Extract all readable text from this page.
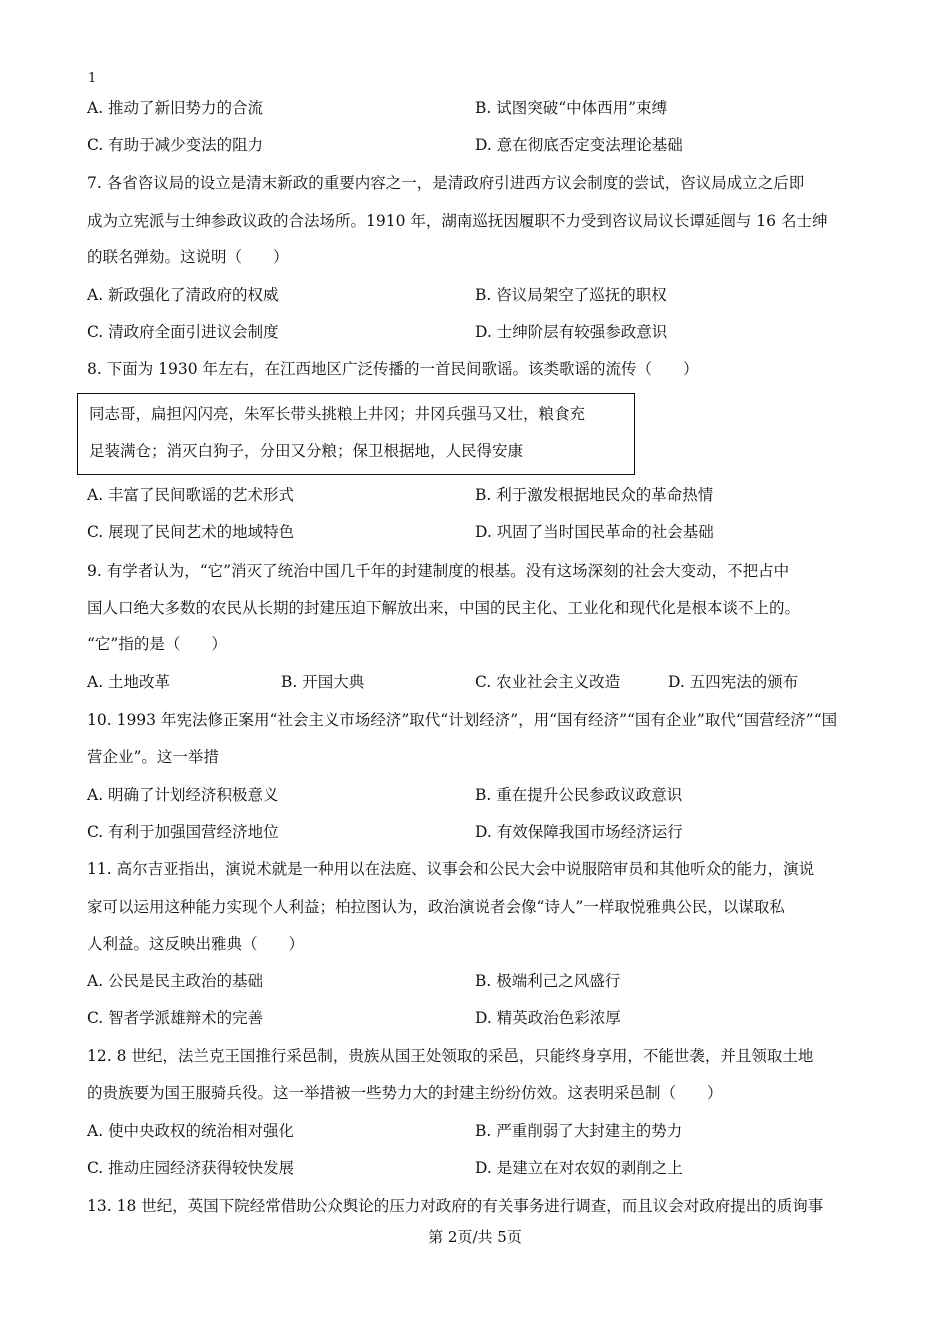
1
A. 推动了新旧势力的合流	B. 试图突破“中体西用”束缚
C. 有助于减少变法的阻力	D. 意在彻底否定变法理论基础
7. 各省咨议局的设立是清末新政的重要内容之一，是清政府引进西方议会制度的尝试，咨议局成立之后即
成为立宪派与士绅参政议政的合法场所。1910 年，湖南巡抚因履职不力受到咨议局议长谭延闿与 16 名士绅
的联名弹劾。这说明（　　）
A. 新政强化了清政府的权威	B. 咨议局架空了巡抚的职权
C. 清政府全面引进议会制度	D. 士绅阶层有较强参政意识
8. 下面为 1930 年左右，在江西地区广泛传播的一首民间歌谣。该类歌谣的流传（　　）
同志哥，扁担闪闪亮，朱军长带头挑粮上井冈；井冈兵强马又壮，粮食充
足装满仓；消灭白狗子，分田又分粮；保卫根据地，人民得安康
A. 丰富了民间歌谣的艺术形式	B. 利于激发根据地民众的革命热情
C. 展现了民间艺术的地域特色	D. 巩固了当时国民革命的社会基础
9. 有学者认为，“它”消灭了统治中国几千年的封建制度的根基。没有这场深刻的社会大变动，不把占中
国人口绝大多数的农民从长期的封建压迫下解放出来，中国的民主化、工业化和现代化是根本谈不上的。
“它”指的是（　　）
A. 土地改革	B. 开国大典	C. 农业社会主义改造	D. 五四宪法的颁布
10. 1993 年宪法修正案用“社会主义市场经济”取代“计划经济”，用“国有经济”“国有企业”取代“国营经济”“国
营企业”。这一举措
A. 明确了计划经济积极意义	B. 重在提升公民参政议政意识
C. 有利于加强国营经济地位	D. 有效保障我国市场经济运行
11. 高尔吉亚指出，演说术就是一种用以在法庭、议事会和公民大会中说服陪审员和其他听众的能力，演说
家可以运用这种能力实现个人利益；柏拉图认为，政治演说者会像“诗人”一样取悦雅典公民，以谋取私
人利益。这反映出雅典（　　）
A. 公民是民主政治的基础	B. 极端利己之风盛行
C. 智者学派雄辩术的完善	D. 精英政治色彩浓厚
12. 8 世纪，法兰克王国推行采邑制，贵族从国王处领取的采邑，只能终身享用，不能世袭，并且领取土地
的贵族要为国王服骑兵役。这一举措被一些势力大的封建主纷纷仿效。这表明采邑制（　　）
A. 使中央政权的统治相对强化	B. 严重削弱了大封建主的势力
C. 推动庄园经济获得较快发展	D. 是建立在对农奴的剥削之上
13. 18 世纪，英国下院经常借助公众舆论的压力对政府的有关事务进行调查，而且议会对政府提出的质询事
第 2页/共 5页
